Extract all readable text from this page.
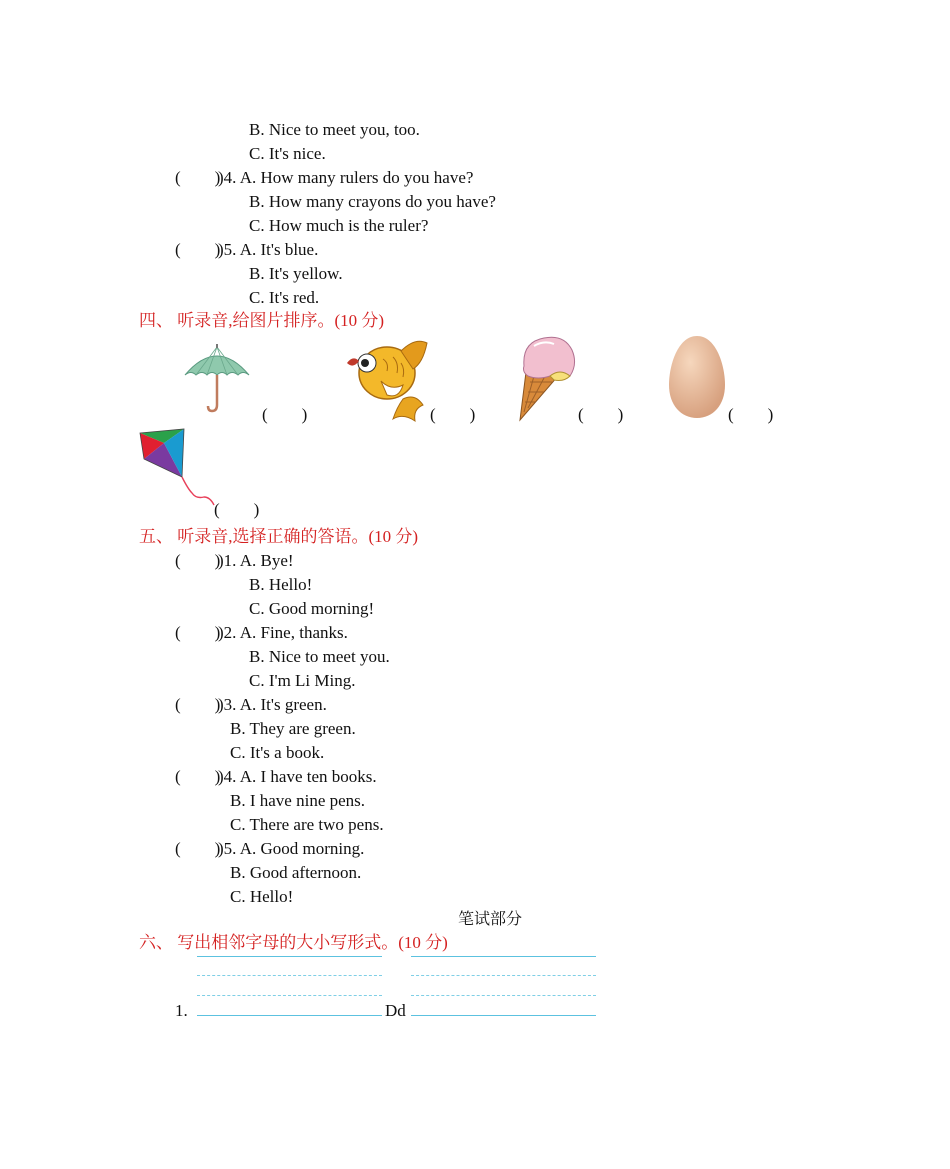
B. Nice to meet you, too.
C. It's nice.
(        )
)4. A. How many rulers do you have?
B. How many crayons do you have?
C. How much is the ruler?
(        )
)5. A. It's blue.
B. It's yellow.
C. It's red.
四、 听录音,给图片排序。(10 分)
(        )	(        )	(        )	(        )
(        )
五、 听录音,选择正确的答语。(10 分)
(        )
)1. A. Bye!
B. Hello!
C. Good morning!
(        )
)2. A. Fine, thanks.
B. Nice to meet you.
C. I'm Li Ming.
(        )
)3. A. It's green.
B. They are green.
C. It's a book.
(        )
)4. A. I have ten books.
B. I have nine pens.
C. There are two pens.
(        )
)5. A. Good morning.
B. Good afternoon.
C. Hello!
笔试部分
六、 写出相邻字母的大小写形式。(10 分)
1.	Dd
